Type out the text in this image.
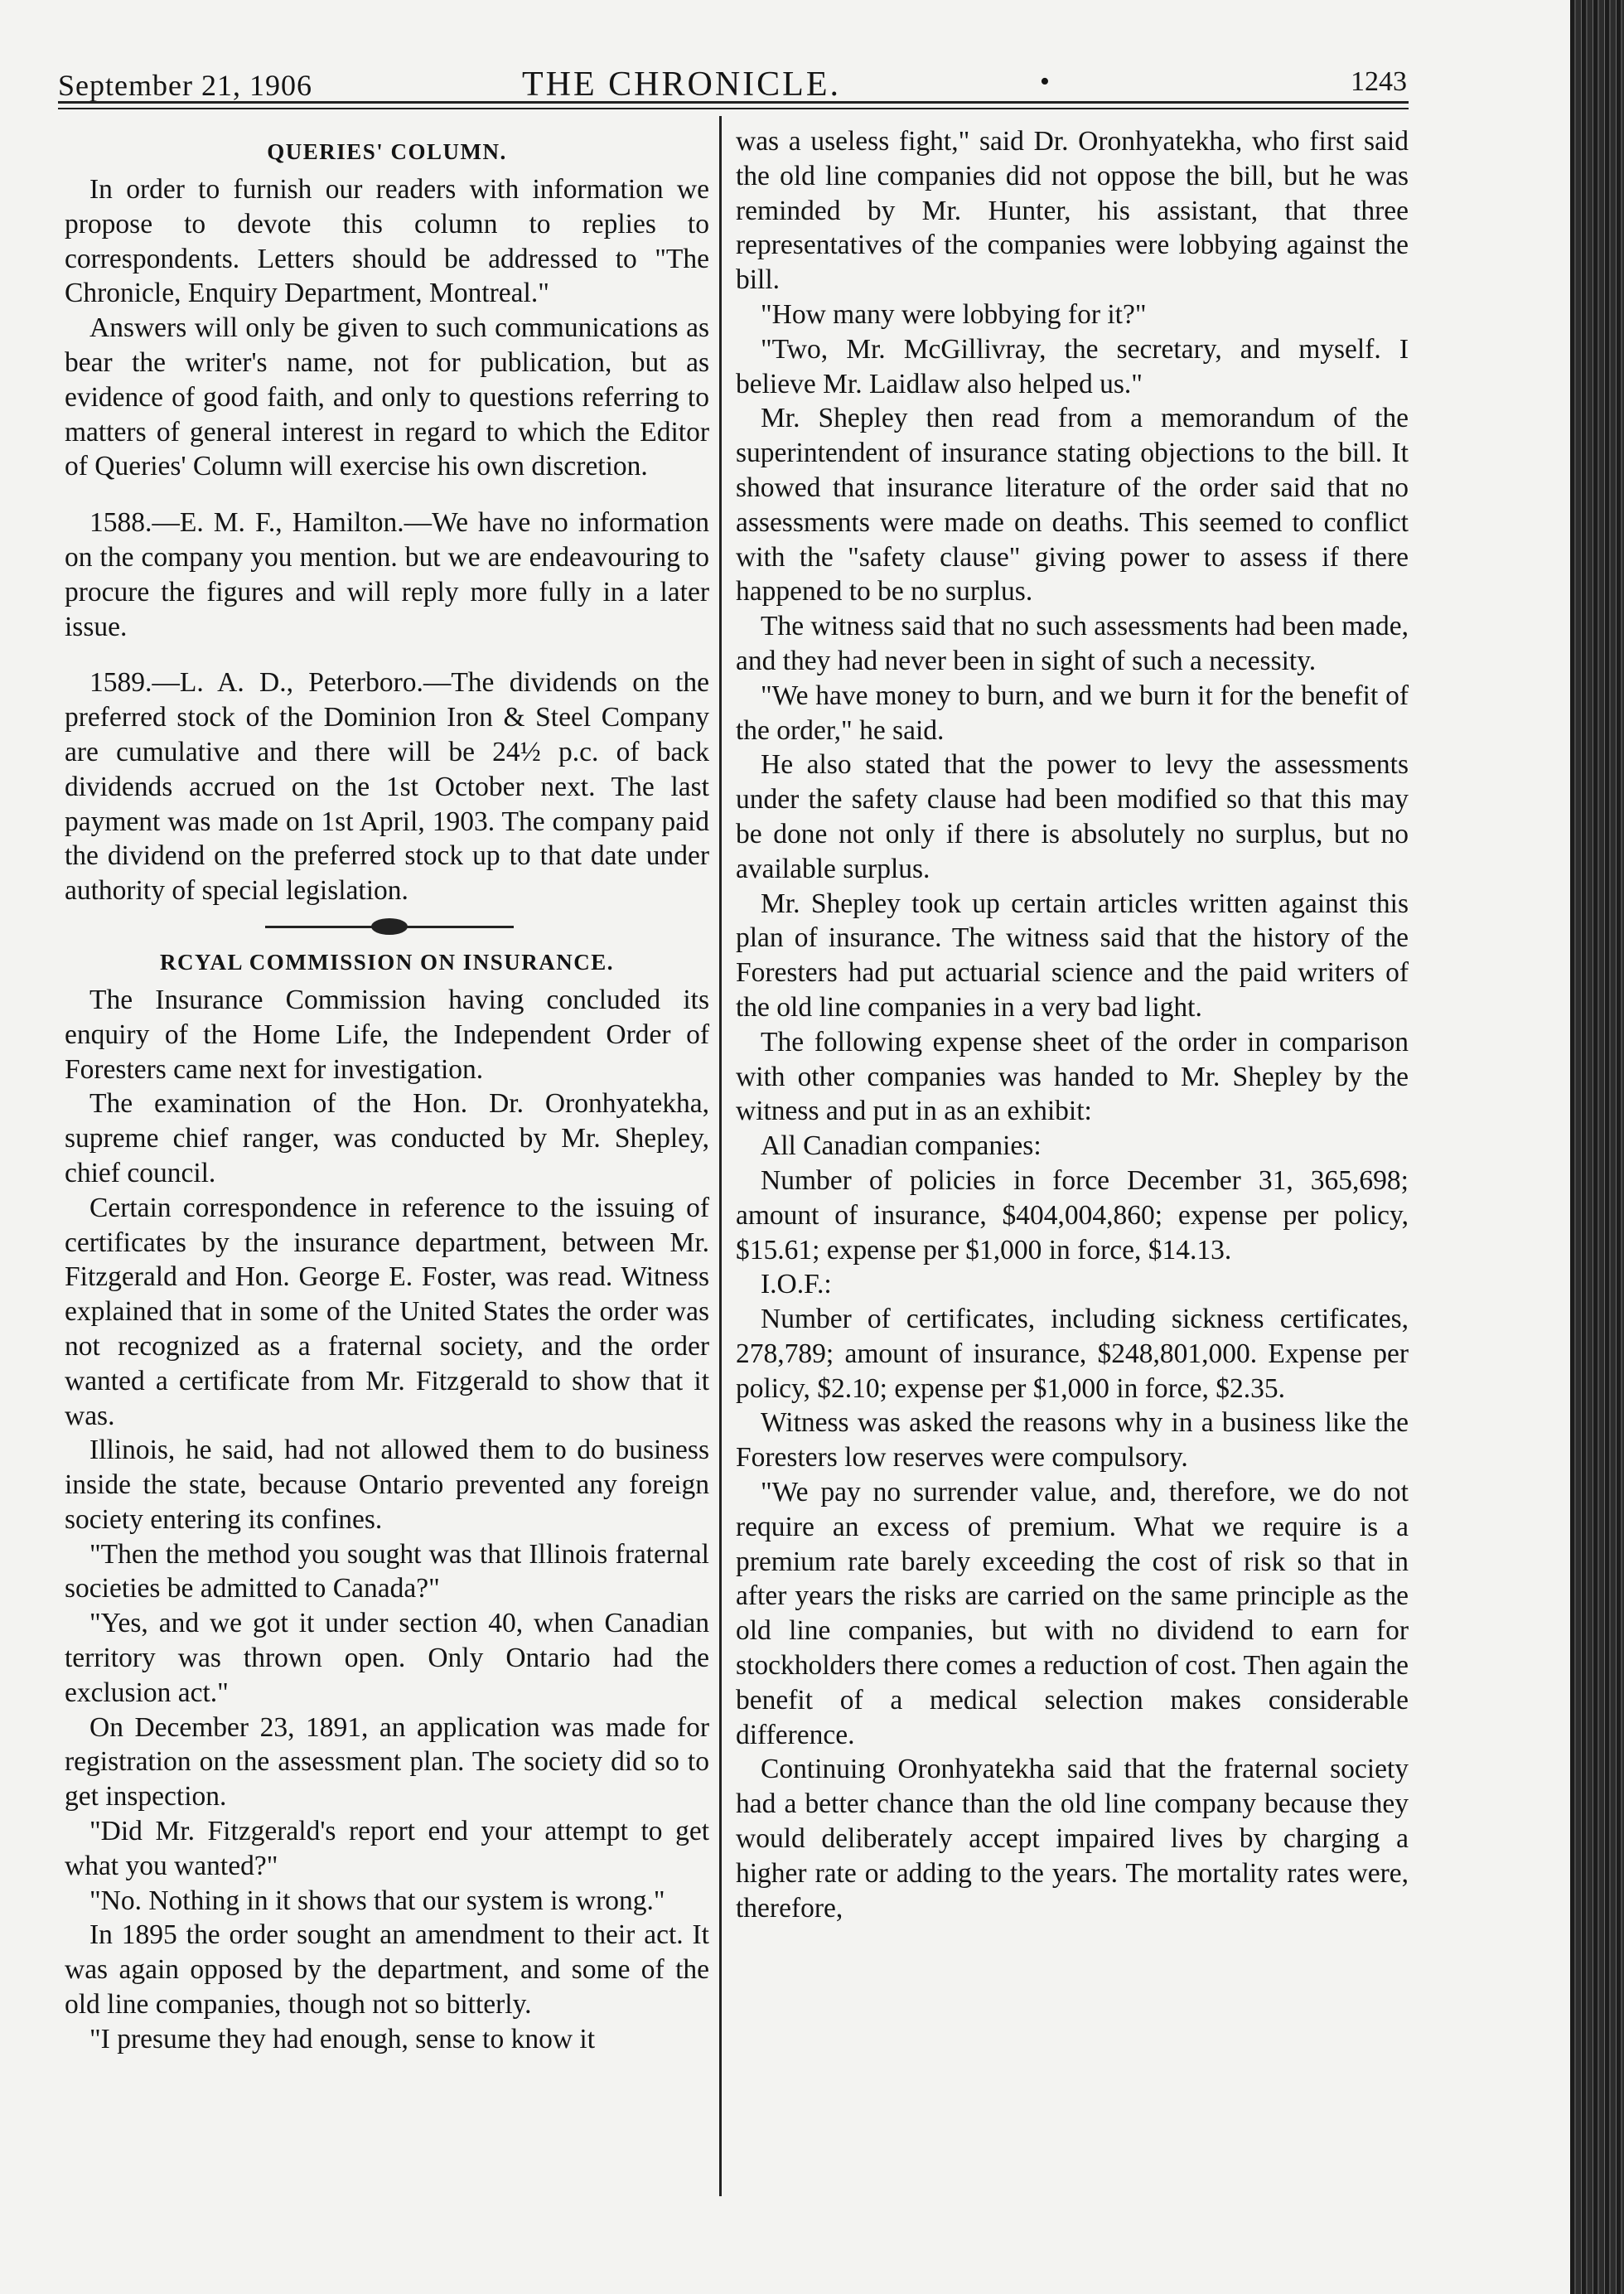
September 21, 1906	THE CHRONICLE.	•	1243
QUERIES' COLUMN.

In order to furnish our readers with information we propose to devote this column to replies to correspondents. Letters should be addressed to "The Chronicle, Enquiry Department, Montreal."

Answers will only be given to such communications as bear the writer's name, not for publication, but as evidence of good faith, and only to questions referring to matters of general interest in regard to which the Editor of Queries' Column will exercise his own discretion.

1588.—E. M. F., Hamilton.—We have no information on the company you mention. but we are endeavouring to procure the figures and will reply more fully in a later issue.

1589.—L. A. D., Peterboro.—The dividends on the preferred stock of the Dominion Iron & Steel Company are cumulative and there will be 24½ p.c. of back dividends accrued on the 1st October next. The last payment was made on 1st April, 1903. The company paid the dividend on the preferred stock up to that date under authority of special legislation.

RCYAL COMMISSION ON INSURANCE.

The Insurance Commission having concluded its enquiry of the Home Life, the Independent Order of Foresters came next for investigation.

The examination of the Hon. Dr. Oronhyatekha, supreme chief ranger, was conducted by Mr. Shepley, chief council.

Certain correspondence in reference to the issuing of certificates by the insurance department, between Mr. Fitzgerald and Hon. George E. Foster, was read. Witness explained that in some of the United States the order was not recognized as a fraternal society, and the order wanted a certificate from Mr. Fitzgerald to show that it was.

Illinois, he said, had not allowed them to do business inside the state, because Ontario prevented any foreign society entering its confines.

"Then the method you sought was that Illinois fraternal societies be admitted to Canada?"

"Yes, and we got it under section 40, when Canadian territory was thrown open. Only Ontario had the exclusion act."

On December 23, 1891, an application was made for registration on the assessment plan. The society did so to get inspection.

"Did Mr. Fitzgerald's report end your attempt to get what you wanted?"

"No. Nothing in it shows that our system is wrong."

In 1895 the order sought an amendment to their act. It was again opposed by the department, and some of the old line companies, though not so bitterly.

"I presume they had enough, sense to know it

was a useless fight," said Dr. Oronhyatekha, who first said the old line companies did not oppose the bill, but he was reminded by Mr. Hunter, his assistant, that three representatives of the companies were lobbying against the bill.

"How many were lobbying for it?"

"Two, Mr. McGillivray, the secretary, and myself. I believe Mr. Laidlaw also helped us."

Mr. Shepley then read from a memorandum of the superintendent of insurance stating objections to the bill. It showed that insurance literature of the order said that no assessments were made on deaths. This seemed to conflict with the "safety clause" giving power to assess if there happened to be no surplus.

The witness said that no such assessments had been made, and they had never been in sight of such a necessity.

"We have money to burn, and we burn it for the benefit of the order," he said.

He also stated that the power to levy the assessments under the safety clause had been modified so that this may be done not only if there is absolutely no surplus, but no available surplus.

Mr. Shepley took up certain articles written against this plan of insurance. The witness said that the history of the Foresters had put actuarial science and the paid writers of the old line companies in a very bad light.

The following expense sheet of the order in comparison with other companies was handed to Mr. Shepley by the witness and put in as an exhibit:

All Canadian companies:

Number of policies in force December 31, 365,698; amount of insurance, $404,004,860; expense per policy, $15.61; expense per $1,000 in force, $14.13.

I.O.F.:

Number of certificates, including sickness certificates, 278,789; amount of insurance, $248,801,000. Expense per policy, $2.10; expense per $1,000 in force, $2.35.

Witness was asked the reasons why in a business like the Foresters low reserves were compulsory.

"We pay no surrender value, and, therefore, we do not require an excess of premium. What we require is a premium rate barely exceeding the cost of risk so that in after years the risks are carried on the same principle as the old line companies, but with no dividend to earn for stockholders there comes a reduction of cost. Then again the benefit of a medical selection makes considerable difference.

Continuing Oronhyatekha said that the fraternal society had a better chance than the old line company because they would deliberately accept impaired lives by charging a higher rate or adding to the years. The mortality rates were, therefore,
